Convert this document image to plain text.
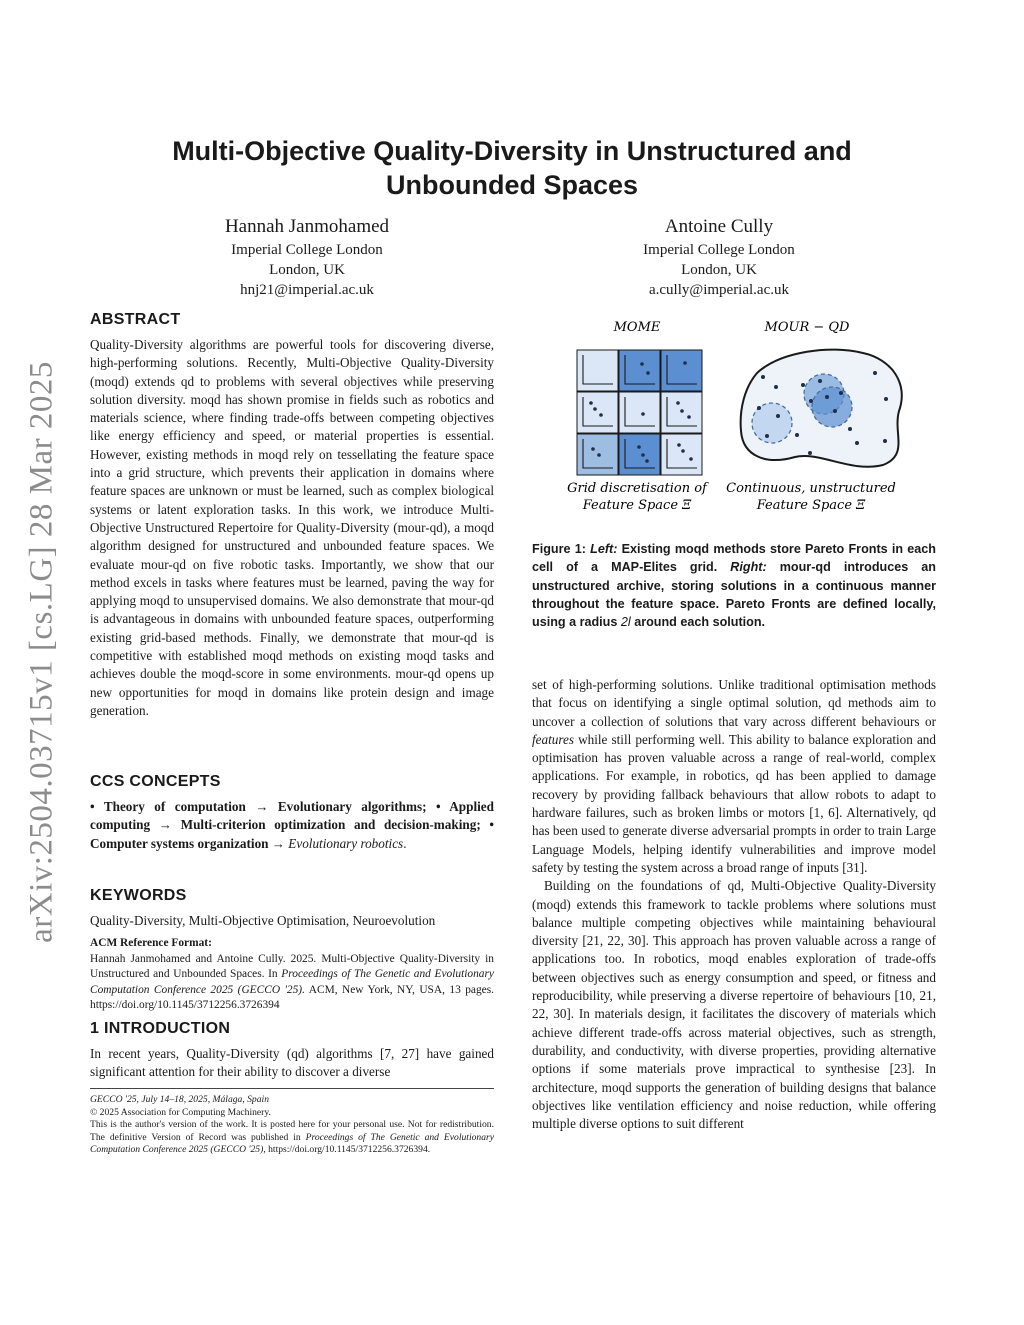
arXiv:2504.03715v1 [cs.LG] 28 Mar 2025
Multi-Objective Quality-Diversity in Unstructured and Unbounded Spaces
Hannah Janmohamed
Imperial College London
London, UK
hnj21@imperial.ac.uk
Antoine Cully
Imperial College London
London, UK
a.cully@imperial.ac.uk
ABSTRACT

Quality-Diversity algorithms are powerful tools for discovering diverse, high-performing solutions. Recently, Multi-Objective Quality-Diversity (moqd) extends qd to problems with several objectives while preserving solution diversity. moqd has shown promise in fields such as robotics and materials science, where finding trade-offs between competing objectives like energy efficiency and speed, or material properties is essential. However, existing methods in moqd rely on tessellating the feature space into a grid structure, which prevents their application in domains where feature spaces are unknown or must be learned, such as complex biological systems or latent exploration tasks. In this work, we introduce Multi-Objective Unstructured Repertoire for Quality-Diversity (mour-qd), a moqd algorithm designed for unstructured and unbounded feature spaces. We evaluate mour-qd on five robotic tasks. Importantly, we show that our method excels in tasks where features must be learned, paving the way for applying moqd to unsupervised domains. We also demonstrate that mour-qd is advantageous in domains with unbounded feature spaces, outperforming existing grid-based methods. Finally, we demonstrate that mour-qd is competitive with established moqd methods on existing moqd tasks and achieves double the moqd-score in some environments. mour-qd opens up new opportunities for moqd in domains like protein design and image generation.

CCS CONCEPTS

• Theory of computation → Evolutionary algorithms; • Applied computing → Multi-criterion optimization and decision-making; • Computer systems organization → Evolutionary robotics.

KEYWORDS

Quality-Diversity, Multi-Objective Optimisation, Neuroevolution

ACM Reference Format:

Hannah Janmohamed and Antoine Cully. 2025. Multi-Objective Quality-Diversity in Unstructured and Unbounded Spaces. In Proceedings of The Genetic and Evolutionary Computation Conference 2025 (GECCO '25). ACM, New York, NY, USA, 13 pages. https://doi.org/10.1145/3712256.3726394

1 INTRODUCTION

In recent years, Quality-Diversity (qd) algorithms [7, 27] have gained significant attention for their ability to discover a diverse

GECCO '25, July 14–18, 2025, Málaga, Spain
© 2025 Association for Computing Machinery.

This is the author's version of the work. It is posted here for your personal use. Not for redistribution. The definitive Version of Record was published in Proceedings of The Genetic and Evolutionary Computation Conference 2025 (GECCO '25), https://doi.org/10.1145/3712256.3726394.

MOME	MOUR − QD
Grid discretisation of
Feature Space Ξ
Continuous, unstructured
Feature Space Ξ
Figure 1: Left: Existing moqd methods store Pareto Fronts in each cell of a MAP-Elites grid. Right: mour-qd introduces an unstructured archive, storing solutions in a continuous manner throughout the feature space. Pareto Fronts are defined locally, using a radius 2l around each solution.

set of high-performing solutions. Unlike traditional optimisation methods that focus on identifying a single optimal solution, qd methods aim to uncover a collection of solutions that vary across different behaviours or features while still performing well. This ability to balance exploration and optimisation has proven valuable across a range of real-world, complex applications. For example, in robotics, qd has been applied to damage recovery by providing fallback behaviours that allow robots to adapt to hardware failures, such as broken limbs or motors [1, 6]. Alternatively, qd has been used to generate diverse adversarial prompts in order to train Large Language Models, helping identify vulnerabilities and improve model safety by testing the system across a broad range of inputs [31].

Building on the foundations of qd, Multi-Objective Quality-Diversity (moqd) extends this framework to tackle problems where solutions must balance multiple competing objectives while maintaining behavioural diversity [21, 22, 30]. This approach has proven valuable across a range of applications too. In robotics, moqd enables exploration of trade-offs between objectives such as energy consumption and speed, or fitness and reproducibility, while preserving a diverse repertoire of behaviours [10, 21, 22, 30]. In materials design, it facilitates the discovery of materials which achieve different trade-offs across material objectives, such as strength, durability, and conductivity, with diverse properties, providing alternative options if some materials prove impractical to synthesise [23]. In architecture, moqd supports the generation of building designs that balance objectives like ventilation efficiency and noise reduction, while offering multiple diverse options to suit different
